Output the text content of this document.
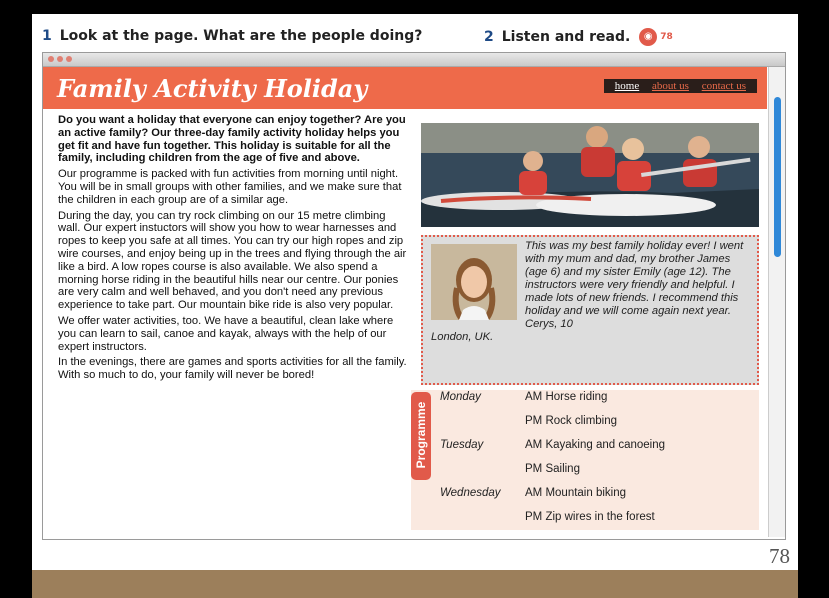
1 Look at the page. What are the people doing?	2 Listen and read. ◉ 78
Family Activity Holiday	home about us contact us

Do you want a holiday that everyone can enjoy together? Are you an active family? Our three-day family activity holiday helps you get fit and have fun together. This holiday is suitable for all the family, including children from the age of five and above.

Our programme is packed with fun activities from morning until night. You will be in small groups with other families, and we make sure that the children in each group are of a similar age.

During the day, you can try rock climbing on our 15 metre climbing wall. Our expert instuctors will show you how to wear harnesses and ropes to keep you safe at all times. You can try our high ropes and zip wire courses, and enjoy being up in the trees and flying through the air like a bird. A low ropes course is also available. We also spend a morning horse riding in the beautiful hills near our centre. Our ponies are very calm and well behaved, and you don't need any previous experience to take part. Our mountain bike ride is also very popular.

We offer water activities, too. We have a beautiful, clean lake where you can learn to sail, canoe and kayak, always with the help of our expert instructors.

In the evenings, there are games and sports activities for all the family. With so much to do, your family will never be bored!

This was my best family holiday ever! I went with my mum and dad, my brother James (age 6) and my sister Emily (age 12). The instructors were very friendly and helpful. I made lots of new friends. I recommend this holiday and we will come again next year.

Cerys, 10
London, UK.
Programme
Monday	AM Horse riding
PM Rock climbing
Tuesday	AM Kayaking and canoeing
PM Sailing
Wednesday AM Mountain biking
PM Zip wires in the forest
78
